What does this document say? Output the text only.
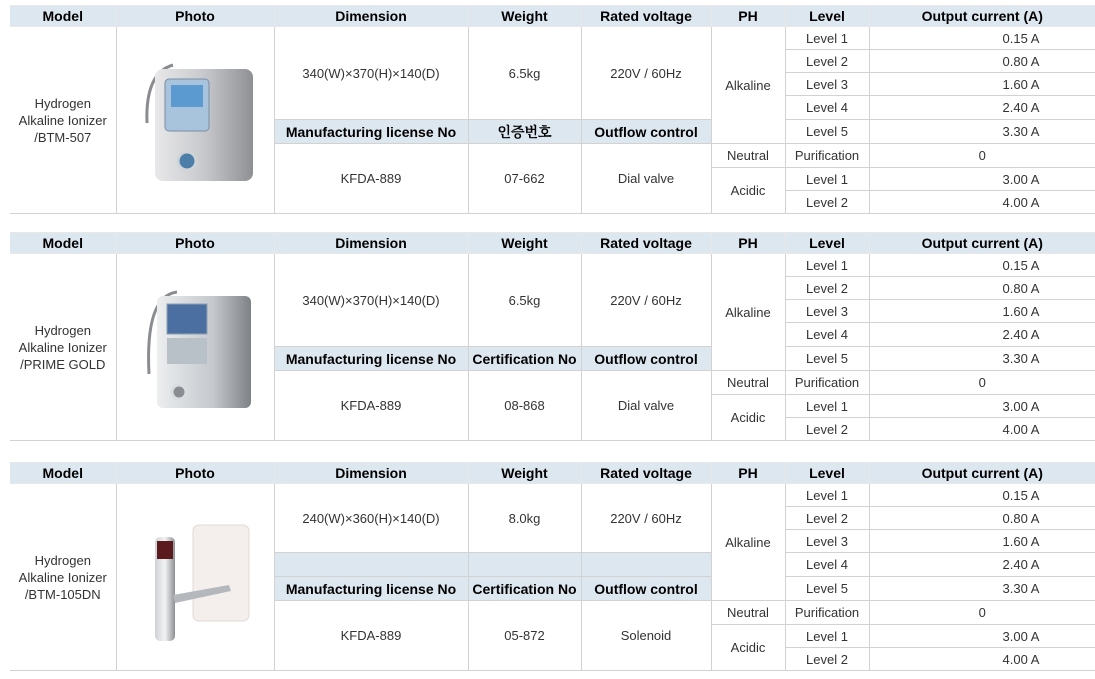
Model	Photo	Dimension	Weight	Rated voltage	PH	Level	Output current (A)
Hydrogen
Alkaline Ionizer
/BTM-507		340(W)×370(H)×140(D)	6.5kg	220V / 60Hz	Alkaline	Level 1	0.15 A
						Level 2	0.80 A
						Level 3	1.60 A
						Level 4	2.40 A
		Manufacturing license No	인증번호	Outflow control		Level 5	3.30 A
		KFDA-889	07-662	Dial valve	Neutral	Purification	0
					Acidic	Level 1	3.00 A
						Level 2	4.00 A
Model	Photo	Dimension	Weight	Rated voltage	PH	Level	Output current (A)
Hydrogen
Alkaline Ionizer
/PRIME GOLD		340(W)×370(H)×140(D)	6.5kg	220V / 60Hz	Alkaline	Level 1	0.15 A
						Level 2	0.80 A
						Level 3	1.60 A
						Level 4	2.40 A
		Manufacturing license No	Certification No	Outflow control		Level 5	3.30 A
		KFDA-889	08-868	Dial valve	Neutral	Purification	0
					Acidic	Level 1	3.00 A
						Level 2	4.00 A
Model	Photo	Dimension	Weight	Rated voltage	PH	Level	Output current (A)
Hydrogen
Alkaline Ionizer
/BTM-105DN		240(W)×360(H)×140(D)	8.0kg	220V / 60Hz	Alkaline	Level 1	0.15 A
						Level 2	0.80 A
						Level 3	1.60 A
						Level 4	2.40 A
		Manufacturing license No	Certification No	Outflow control		Level 5	3.30 A
		KFDA-889	05-872	Solenoid	Neutral	Purification	0
					Acidic	Level 1	3.00 A
						Level 2	4.00 A
